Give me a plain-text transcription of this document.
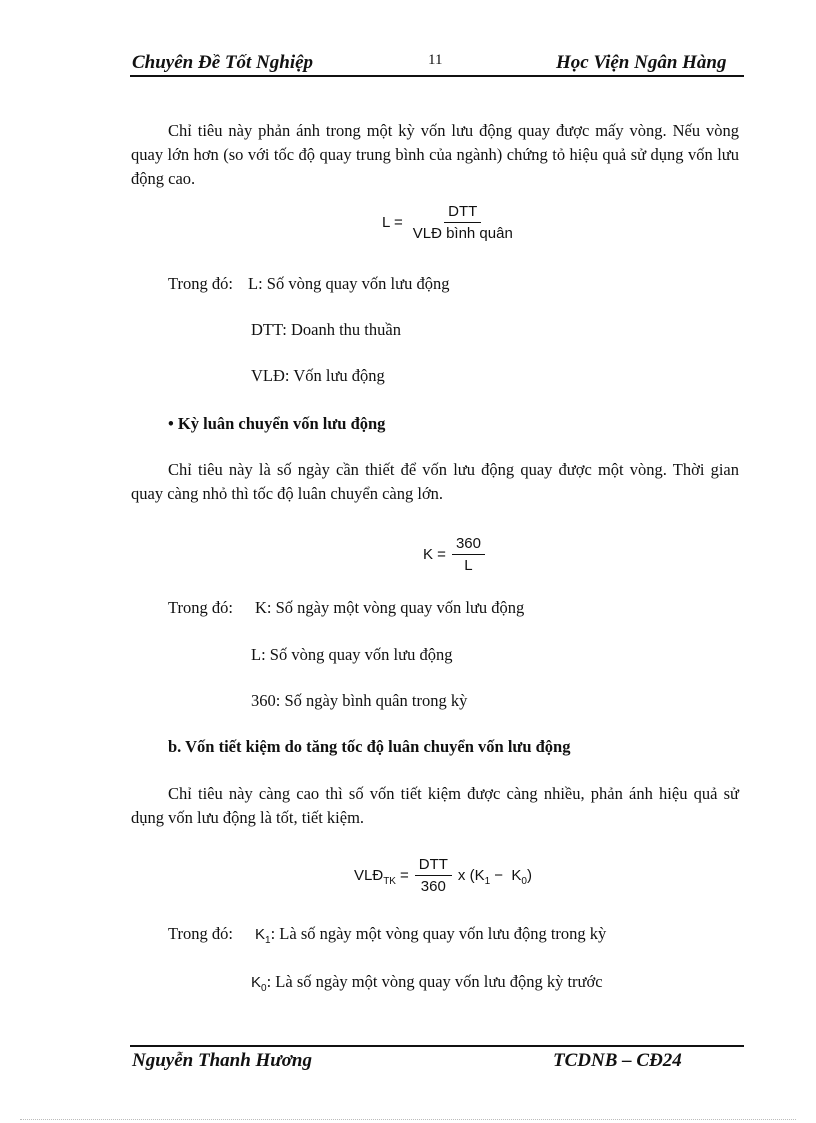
Chuyên Đề Tốt Nghiệp	11	Học Viện Ngân Hàng
Chỉ tiêu này phản ánh trong một kỳ vốn lưu động quay được mấy vòng. Nếu vòng quay lớn hơn (so với tốc độ quay trung bình của ngành) chứng tỏ hiệu quả sử dụng vốn lưu động cao.
$L = \frac{\text{DTT}}{\text{VLĐ bình quân}}$
Trong đó: L: Số vòng quay vốn lưu động
DTT: Doanh thu thuần
VLĐ: Vốn lưu động
• Kỳ luân chuyển vốn lưu động
Chỉ tiêu này là số ngày cần thiết để vốn lưu động quay được một vòng. Thời gian quay càng nhỏ thì tốc độ luân chuyển càng lớn.
$K = \frac{360}{L}$
Trong đó: K: Số ngày một vòng quay vốn lưu động
L: Số vòng quay vốn lưu động
360: Số ngày bình quân trong kỳ
b. Vốn tiết kiệm do tăng tốc độ luân chuyển vốn lưu động
Chỉ tiêu này càng cao thì số vốn tiết kiệm được càng nhiều, phản ánh hiệu quả sử dụng vốn lưu động là tốt, tiết kiệm.
$VLĐ_{TK} = \frac{\text{DTT}}{360}$ x $(K_1 - K_0)$
Trong đó: $K_1$: Là số ngày một vòng quay vốn lưu động trong kỳ
$K_0$: Là số ngày một vòng quay vốn lưu động kỳ trước
Nguyễn Thanh Hương	TCDNB – CĐ24
